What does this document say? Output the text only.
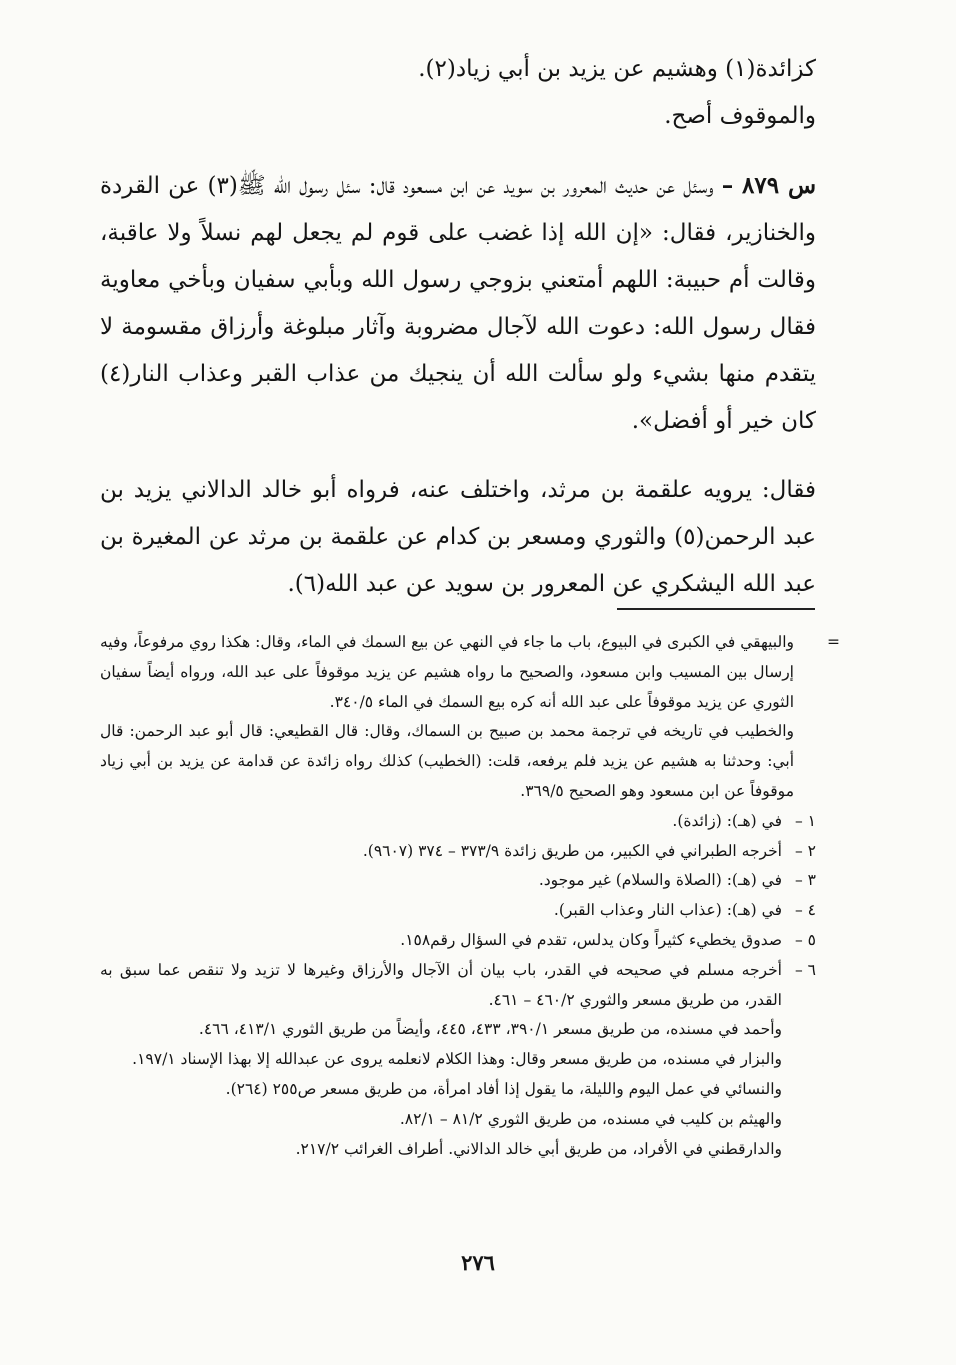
كزائدة(١) وهشيم عن يزيد بن أبي زياد(٢).

والموقوف أصح.

س ٨٧٩ – وسئل عن حديث المعرور بن سويد عن ابن مسعود قال: سئل رسول الله ﷺ(٣) عن القردة والخنازير، فقال: «إن الله إذا غضب على قوم لم يجعل لهم نسلاً ولا عاقبة، وقالت أم حبيبة: اللهم أمتعني بزوجي رسول الله وبأبي سفيان وبأخي معاوية فقال رسول الله: دعوت الله لآجال مضروبة وآثار مبلوغة وأرزاق مقسومة لا يتقدم منها بشيء ولو سألت الله أن ينجيك من عذاب القبر وعذاب النار(٤) كان خير أو أفضل».

فقال: يرويه علقمة بن مرثد، واختلف عنه، فرواه أبو خالد الدالاني يزيد بن عبد الرحمن(٥) والثوري ومسعر بن كدام عن علقمة بن مرثد عن المغيرة بن عبد الله اليشكري عن المعرور بن سويد عن عبد الله(٦).

=
والبيهقي في الكبرى في البيوع، باب ما جاء في النهي عن بيع السمك في الماء، وقال: هكذا روي مرفوعاً، وفيه إرسال بين المسيب وابن مسعود، والصحيح ما رواه هشيم عن يزيد موقوفاً على عبد الله، ورواه أيضاً سفيان الثوري عن يزيد موقوفاً على عبد الله أنه كره بيع السمك في الماء ٣٤٠/٥.

والخطيب في تاريخه في ترجمة محمد بن صبيح بن السماك، وقال: قال القطيعي: قال أبو عبد الرحمن: قال أبي: وحدثنا به هشيم عن يزيد فلم يرفعه، قلت: (الخطيب) كذلك رواه زائدة عن قدامة عن يزيد بن أبي زياد موقوفاً عن ابن مسعود وهو الصحيح ٣٦٩/٥.

١ –
في (هـ): (زائدة).

٢ –
أخرجه الطبراني في الكبير، من طريق زائدة ٣٧٣/٩ – ٣٧٤ (٩٦٠٧).

٣ –
في (هـ): (الصلاة والسلام) غير موجود.

٤ –
في (هـ): (عذاب النار وعذاب القبر).

٥ –
صدوق يخطيء كثيراً وكان يدلس، تقدم في السؤال رقم١٥٨.

٦ –
أخرجه مسلم في صحيحه في القدر، باب بيان أن الآجال والأرزاق وغيرها لا تزيد ولا تنقص عما سبق به القدر، من طريق مسعر والثوري ٤٦٠/٢ – ٤٦١.

وأحمد في مسنده، من طريق مسعر ٣٩٠/١، ٤٣٣، ٤٤٥، وأيضاً من طريق الثوري ٤١٣/١، ٤٦٦.

والبزار في مسنده، من طريق مسعر وقال: وهذا الكلام لانعلمه يروى عن عبدالله إلا بهذا الإسناد ١٩٧/١.

والنسائي في عمل اليوم والليلة، ما يقول إذا أفاد امرأة، من طريق مسعر ص٢٥٥ (٢٦٤).

والهيثم بن كليب في مسنده، من طريق الثوري ٨١/٢ – ٨٢/١.

والدارقطني في الأفراد، من طريق أبي خالد الدالاني. أطراف الغرائب ٢١٧/٢.

٢٧٦
